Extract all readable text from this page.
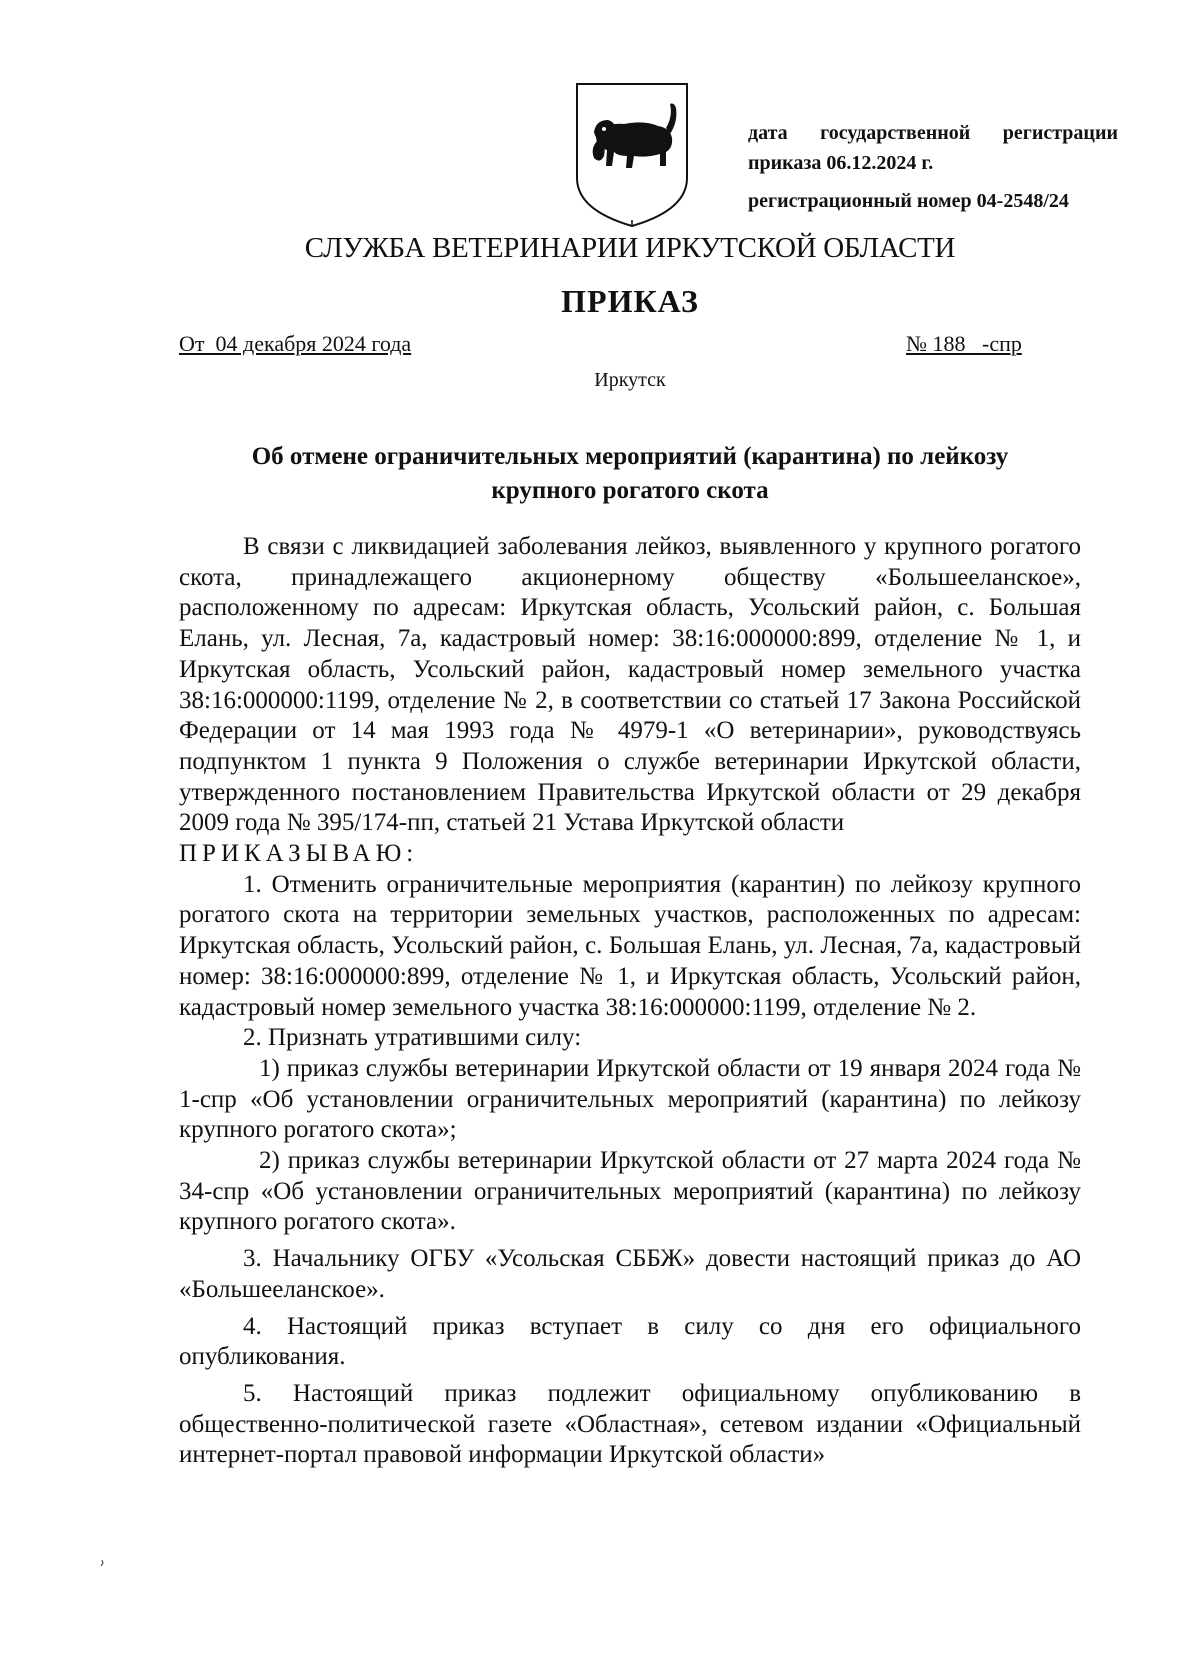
дата государственной регистрации
приказа 06.12.2024 г.
регистрационный номер 04-2548/24
СЛУЖБА ВЕТЕРИНАРИИ ИРКУТСКОЙ ОБЛАСТИ
ПРИКАЗ
От  04 декабря 2024 года	№ 188   -спр
Иркутск
Об отмене ограничительных мероприятий (карантина) по лейкозу
крупного рогатого скота

В связи с ликвидацией заболевания лейкоз, выявленного у крупного рогатого скота, принадлежащего акционерному обществу «Большееланское», расположенному по адресам: Иркутская область, Усольский район, с. Большая Елань, ул. Лесная, 7а, кадастровый номер: 38:16:000000:899, отделение № 1, и Иркутская область, Усольский район, кадастровый номер земельного участка 38:16:000000:1199, отделение № 2, в соответствии со статьей 17 Закона Российской Федерации от 14 мая 1993 года № 4979-1 «О ветеринарии», руководствуясь подпунктом 1 пункта 9 Положения о службе ветеринарии Иркутской области, утвержденного постановлением Правительства Иркутской области от 29 декабря 2009 года № 395/174-пп, статьей 21 Устава Иркутской области

ПРИКАЗЫВАЮ:

1. Отменить ограничительные мероприятия (карантин) по лейкозу крупного рогатого скота на территории земельных участков, расположенных по адресам: Иркутская область, Усольский район, с. Большая Елань, ул. Лесная, 7а, кадастровый номер: 38:16:000000:899, отделение № 1, и Иркутская область, Усольский район, кадастровый номер земельного участка 38:16:000000:1199, отделение № 2.

2. Признать утратившими силу:

1) приказ службы ветеринарии Иркутской области от 19 января 2024 года № 1-спр «Об установлении ограничительных мероприятий (карантина) по лейкозу крупного рогатого скота»;

2) приказ службы ветеринарии Иркутской области от 27 марта 2024 года № 34-спр «Об установлении ограничительных мероприятий (карантина) по лейкозу крупного рогатого скота».

3. Начальнику ОГБУ «Усольская СББЖ» довести настоящий приказ до АО «Большееланское».

4. Настоящий приказ вступает в силу со дня его официального опубликования.

5. Настоящий приказ подлежит официальному опубликованию в общественно-политической газете «Областная», сетевом издании «Официальный интернет-портал правовой информации Иркутской области»
